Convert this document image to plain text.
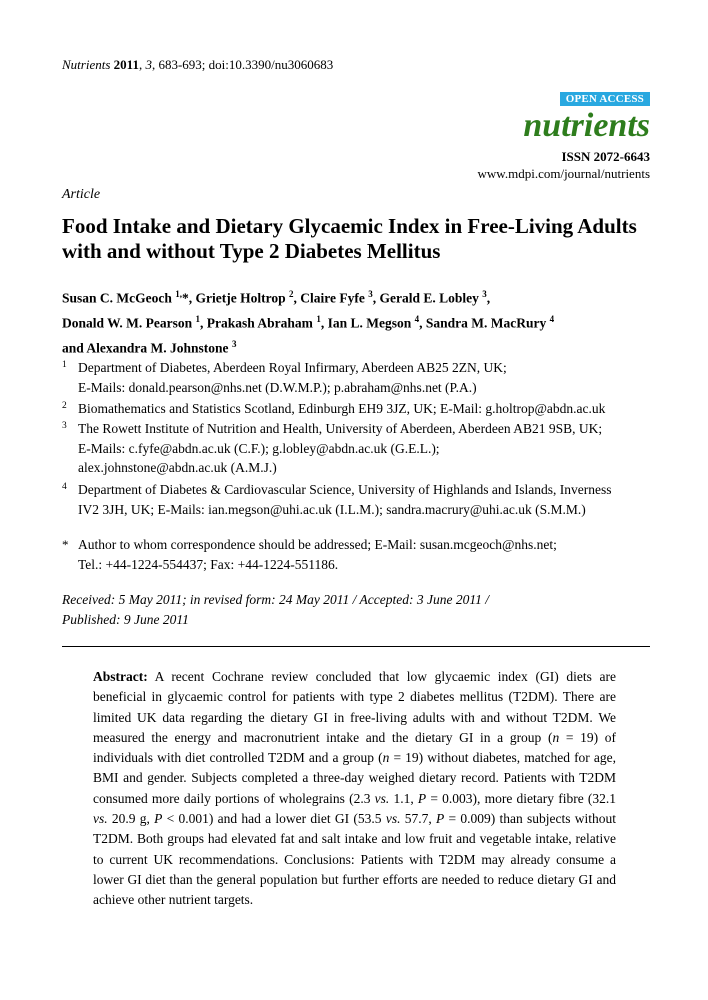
Nutrients 2011, 3, 683-693; doi:10.3390/nu3060683
OPEN ACCESS
nutrients
ISSN 2072-6643
www.mdpi.com/journal/nutrients
Article
Food Intake and Dietary Glycaemic Index in Free-Living Adults with and without Type 2 Diabetes Mellitus
Susan C. McGeoch $^{1,}$*, Grietje Holtrop $^2$, Claire Fyfe $^3$, Gerald E. Lobley $^3$,
Donald W. M. Pearson $^1$, Prakash Abraham $^1$, Ian L. Megson $^4$, Sandra M. MacRury $^4$
and Alexandra M. Johnstone $^3$
1 Department of Diabetes, Aberdeen Royal Infirmary, Aberdeen AB25 2ZN, UK;
E-Mails: donald.pearson@nhs.net (D.W.M.P.); p.abraham@nhs.net (P.A.)
2 Biomathematics and Statistics Scotland, Edinburgh EH9 3JZ, UK; E-Mail: g.holtrop@abdn.ac.uk
3 The Rowett Institute of Nutrition and Health, University of Aberdeen, Aberdeen AB21 9SB, UK;
E-Mails: c.fyfe@abdn.ac.uk (C.F.); g.lobley@abdn.ac.uk (G.E.L.);
alex.johnstone@abdn.ac.uk (A.M.J.)
4 Department of Diabetes & Cardiovascular Science, University of Highlands and Islands, Inverness
IV2 3JH, UK; E-Mails: ian.megson@uhi.ac.uk (I.L.M.); sandra.macrury@uhi.ac.uk (S.M.M.)
* Author to whom correspondence should be addressed; E-Mail: susan.mcgeoch@nhs.net;
Tel.: +44-1224-554437; Fax: +44-1224-551186.
Received: 5 May 2011; in revised form: 24 May 2011 / Accepted: 3 June 2011 /
Published: 9 June 2011
Abstract: A recent Cochrane review concluded that low glycaemic index (GI) diets are beneficial in glycaemic control for patients with type 2 diabetes mellitus (T2DM). There are limited UK data regarding the dietary GI in free-living adults with and without T2DM. We measured the energy and macronutrient intake and the dietary GI in a group (n = 19) of individuals with diet controlled T2DM and a group (n = 19) without diabetes, matched for age, BMI and gender. Subjects completed a three-day weighed dietary record. Patients with T2DM consumed more daily portions of wholegrains (2.3 vs. 1.1, P = 0.003), more dietary fibre (32.1 vs. 20.9 g, P < 0.001) and had a lower diet GI (53.5 vs. 57.7, P = 0.009) than subjects without T2DM. Both groups had elevated fat and salt intake and low fruit and vegetable intake, relative to current UK recommendations. Conclusions: Patients with T2DM may already consume a lower GI diet than the general population but further efforts are needed to reduce dietary GI and achieve other nutrient targets.
